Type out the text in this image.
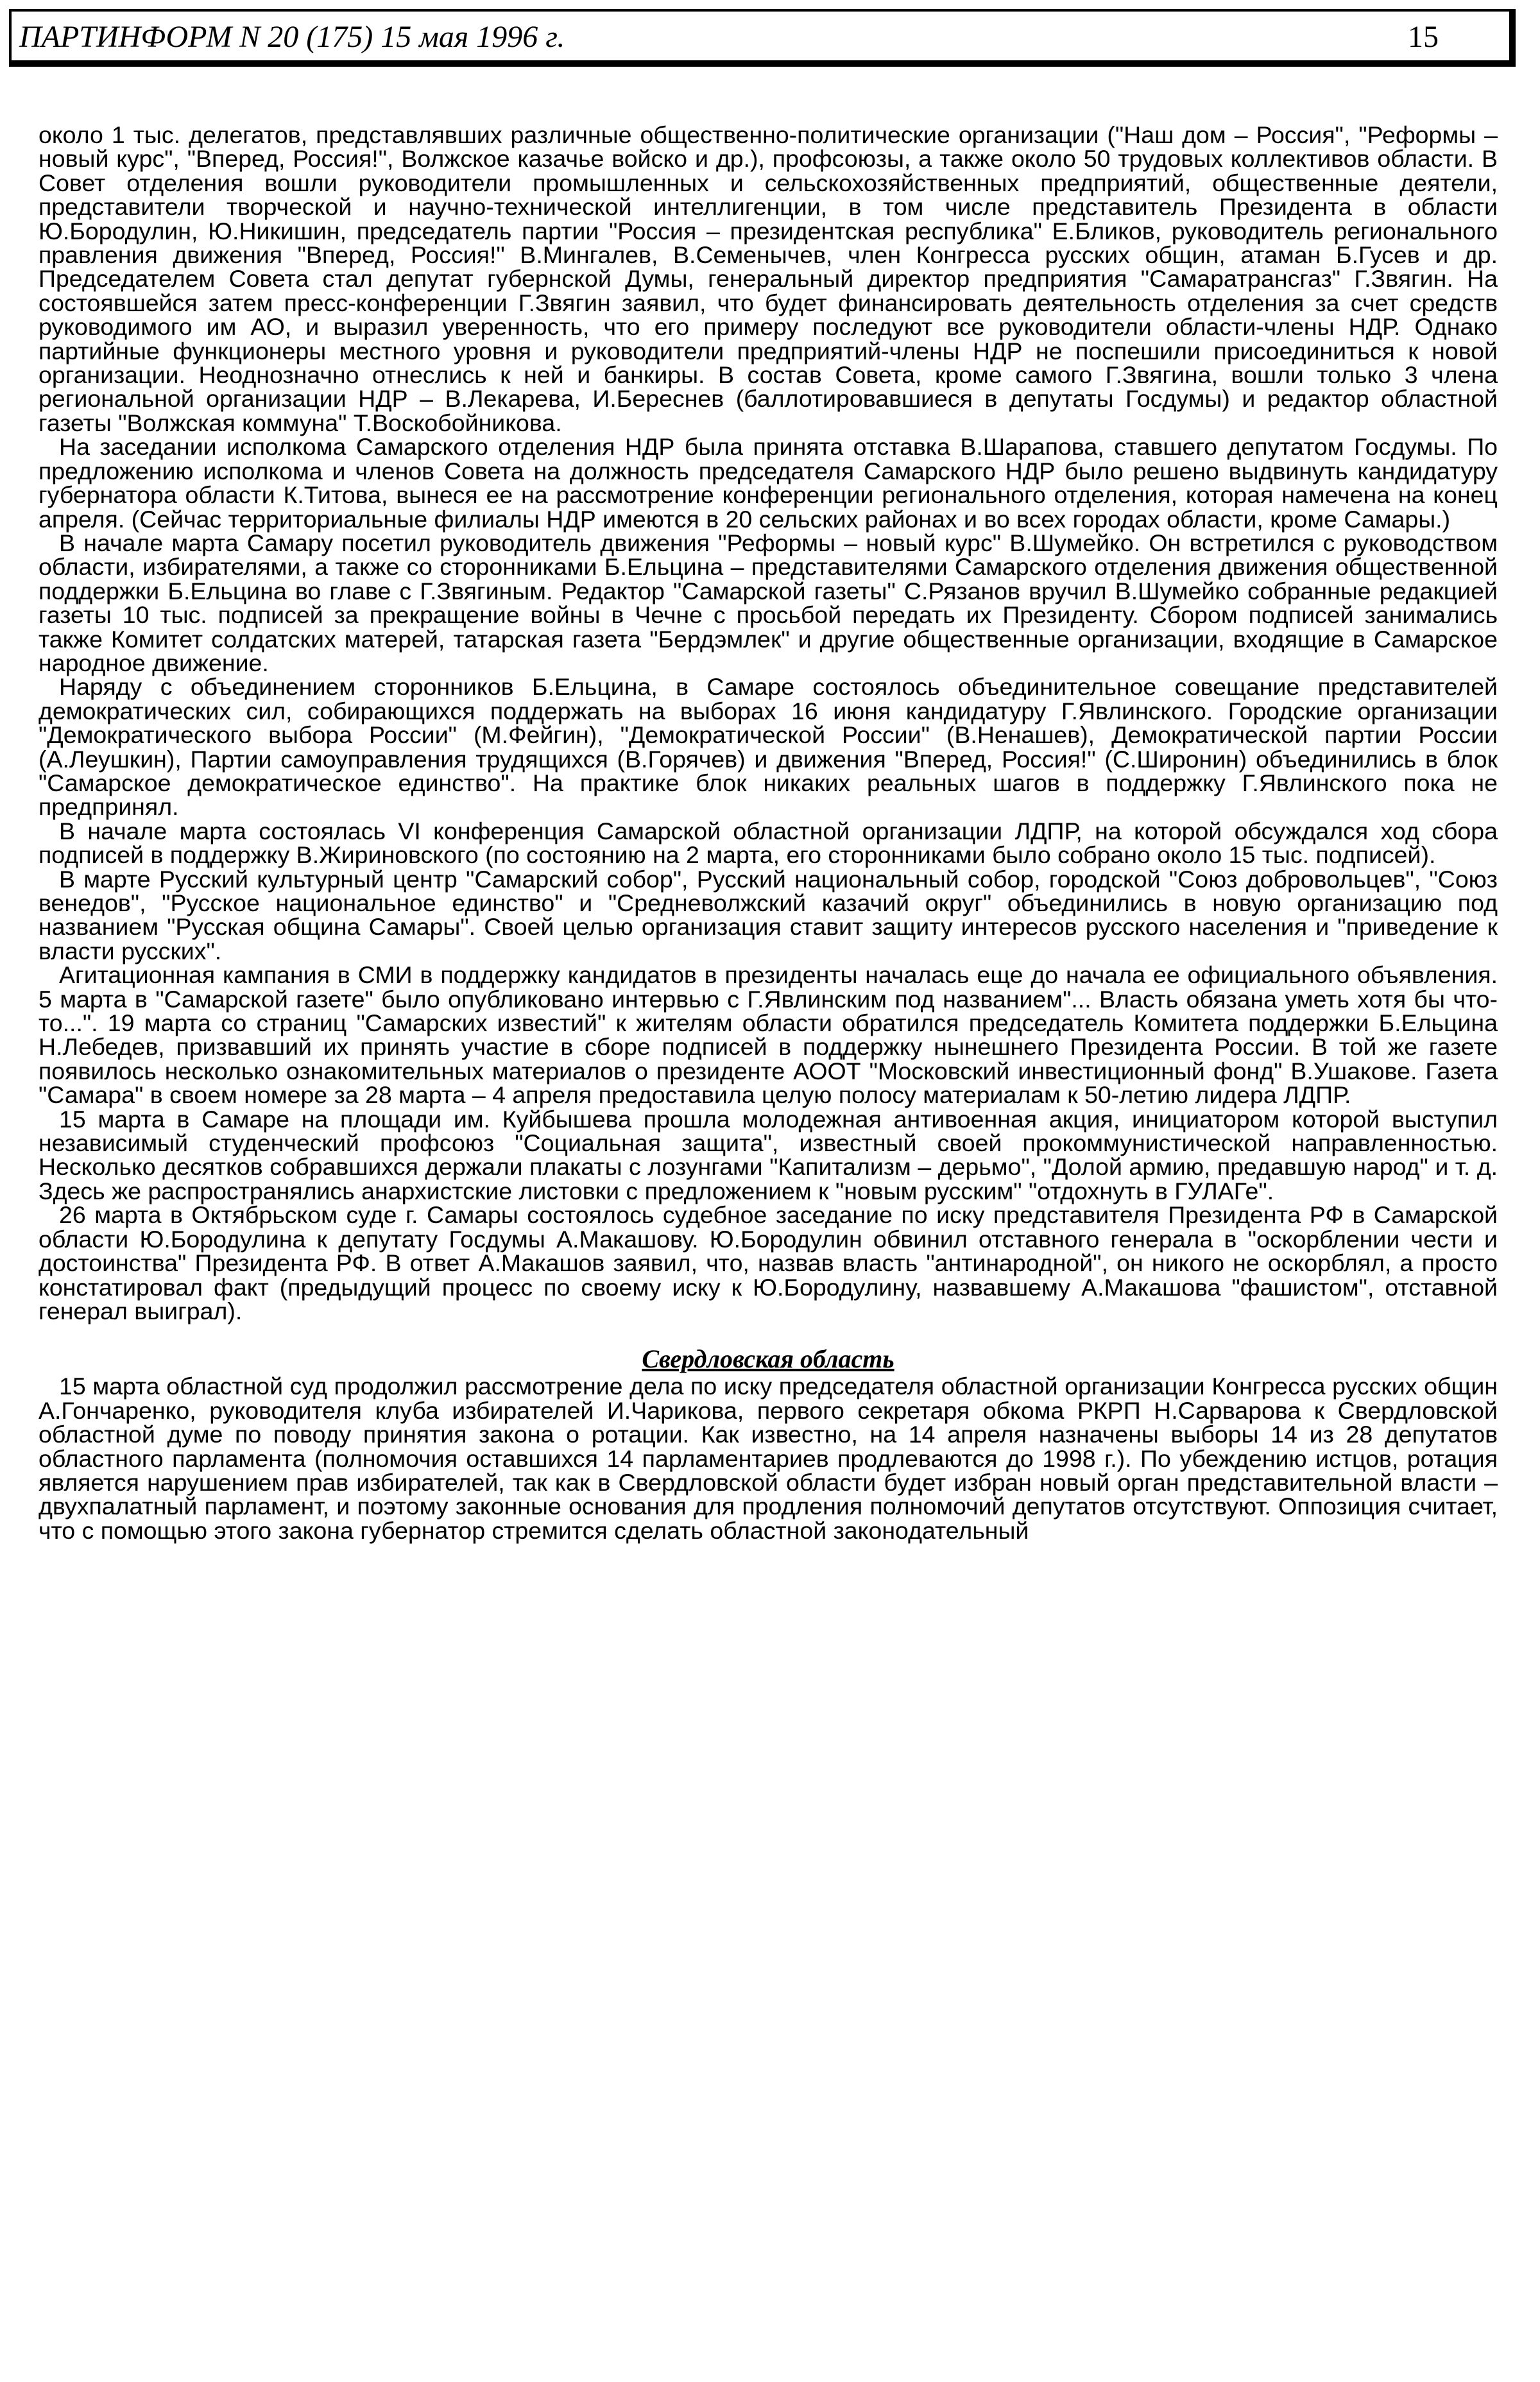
ПАРТИНФОРМ N 20 (175) 15 мая 1996 г.	15

около 1 тыс. делегатов, представлявших различные общественно-политические организации ("Наш дом – Россия", "Реформы – новый курс", "Вперед, Россия!", Волжское казачье войско и др.), профсоюзы, а также около 50 трудовых коллективов области. В Совет отделения вошли руководители промышленных и сельскохозяйственных предприятий, общественные деятели, представители творческой и научно-технической интеллигенции, в том числе представитель Президента в области Ю.Бородулин, Ю.Никишин, председатель партии "Россия – президентская республика" Е.Бликов, руководитель регионального правления движения "Вперед, Россия!" В.Мингалев, В.Семенычев, член Конгресса русских общин, атаман Б.Гусев и др. Председателем Совета стал депутат губернской Думы, генеральный директор предприятия "Самаратрансгаз" Г.Звягин. На состоявшейся затем пресс-конференции Г.Звягин заявил, что будет финансировать деятельность отделения за счет средств руководимого им АО, и выразил уверенность, что его примеру последуют все руководители области-члены НДР. Однако партийные функционеры местного уровня и руководители предприятий-члены НДР не поспешили присоединиться к новой организации. Неоднозначно отнеслись к ней и банкиры. В состав Совета, кроме самого Г.Звягина, вошли только 3 члена региональной организации НДР – В.Лекарева, И.Береснев (баллотировавшиеся в депутаты Госдумы) и редактор областной газеты "Волжская коммуна" Т.Воскобойникова.

На заседании исполкома Самарского отделения НДР была принята отставка В.Шарапова, ставшего депутатом Госдумы. По предложению исполкома и членов Совета на должность председателя Самарского НДР было решено выдвинуть кандидатуру губернатора области К.Титова, вынеся ее на рассмотрение конференции регионального отделения, которая намечена на конец апреля. (Сейчас территориальные филиалы НДР имеются в 20 сельских районах и во всех городах области, кроме Самары.)

В начале марта Самару посетил руководитель движения "Реформы – новый курс" В.Шумейко. Он встретился с руководством области, избирателями, а также со сторонниками Б.Ельцина – представителями Самарского отделения движения общественной поддержки Б.Ельцина во главе с Г.Звягиным. Редактор "Самарской газеты" С.Рязанов вручил В.Шумейко собранные редакцией газеты 10 тыс. подписей за прекращение войны в Чечне с просьбой передать их Президенту. Сбором подписей занимались также Комитет солдатских матерей, татарская газета "Бердэмлек" и другие общественные организации, входящие в Самарское народное движение.

Наряду с объединением сторонников Б.Ельцина, в Самаре состоялось объединительное совещание представителей демократических сил, собирающихся поддержать на выборах 16 июня кандидатуру Г.Явлинского. Городские организации "Демократического выбора России" (М.Фейгин), "Демократической России" (В.Ненашев), Демократической партии России (А.Леушкин), Партии самоуправления трудящихся (В.Горячев) и движения "Вперед, Россия!" (С.Широнин) объединились в блок "Самарское демократическое единство". На практике блок никаких реальных шагов в поддержку Г.Явлинского пока не предпринял.

В начале марта состоялась VI конференция Самарской областной организации ЛДПР, на которой обсуждался ход сбора подписей в поддержку В.Жириновского (по состоянию на 2 марта, его сторонниками было собрано около 15 тыс. подписей).

В марте Русский культурный центр "Самарский собор", Русский национальный собор, городской "Союз добровольцев", "Союз венедов", "Русское национальное единство" и "Средневолжский казачий округ" объединились в новую организацию под названием "Русская община Самары". Своей целью организация ставит защиту интересов русского населения и "приведение к власти русских".

Агитационная кампания в СМИ в поддержку кандидатов в президенты началась еще до начала ее официального объявления. 5 марта в "Самарской газете" было опубликовано интервью с Г.Явлинским под названием"... Власть обязана уметь хотя бы что-то...". 19 марта со страниц "Самарских известий" к жителям области обратился председатель Комитета поддержки Б.Ельцина Н.Лебедев, призвавший их принять участие в сборе подписей в поддержку нынешнего Президента России. В той же газете появилось несколько ознакомительных материалов о президенте АООТ "Московский инвестиционный фонд" В.Ушакове. Газета "Самара" в своем номере за 28 марта – 4 апреля предоставила целую полосу материалам к 50-летию лидера ЛДПР.

15 марта в Самаре на площади им. Куйбышева прошла молодежная антивоенная акция, инициатором которой выступил независимый студенческий профсоюз "Социальная защита", известный своей прокоммунистической направленностью. Несколько десятков собравшихся держали плакаты с лозунгами "Капитализм – дерьмо", "Долой армию, предавшую народ" и т. д. Здесь же распространялись анархистские листовки с предложением к "новым русским" "отдохнуть в ГУЛАГе".

26 марта в Октябрьском суде г. Самары состоялось судебное заседание по иску представителя Президента РФ в Самарской области Ю.Бородулина к депутату Госдумы А.Макашову. Ю.Бородулин обвинил отставного генерала в "оскорблении чести и достоинства" Президента РФ. В ответ А.Макашов заявил, что, назвав власть "антинародной", он никого не оскорблял, а просто констатировал факт (предыдущий процесс по своему иску к Ю.Бородулину, назвавшему А.Макашова "фашистом", отставной генерал выиграл).

Свердловская область

15 марта областной суд продолжил рассмотрение дела по иску председателя областной организации Конгресса русских общин А.Гончаренко, руководителя клуба избирателей И.Чарикова, первого секретаря обкома РКРП Н.Сарварова к Свердловской областной думе по поводу принятия закона о ротации. Как известно, на 14 апреля назначены выборы 14 из 28 депутатов областного парламента (полномочия оставшихся 14 парламентариев продлеваются до 1998 г.). По убеждению истцов, ротация является нарушением прав избирателей, так как в Свердловской области будет избран новый орган представительной власти – двухпалатный парламент, и поэтому законные основания для продления полномочий депутатов отсутствуют. Оппозиция считает, что с помощью этого закона губернатор стремится сделать областной законодательный
